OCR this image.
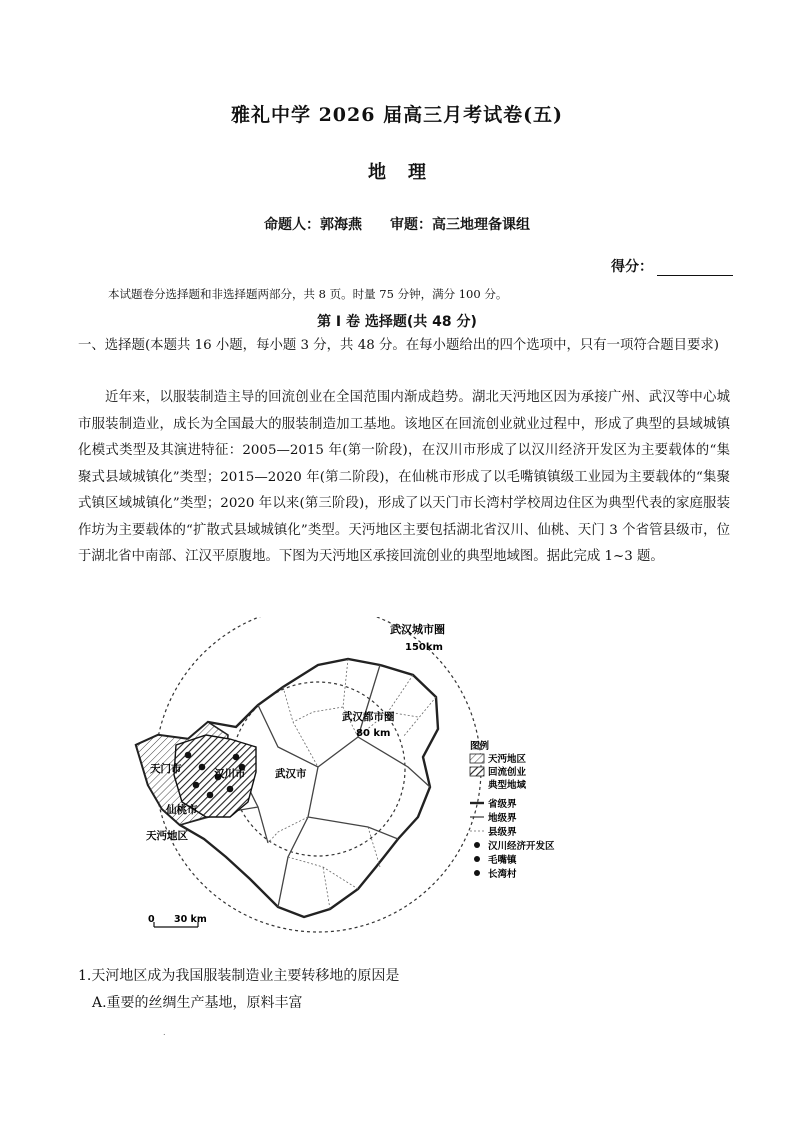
雅礼中学 2026 届高三月考试卷(五)
地理
命题人：郭海燕 审题：高三地理备课组
得分：
本试题卷分选择题和非选择题两部分，共 8 页。时量 75 分钟，满分 100 分。
第 I 卷 选择题(共 48 分)
一、选择题(本题共 16 小题，每小题 3 分，共 48 分。在每小题给出的四个选项中，只有一项符合题目要求)
近年来，以服装制造主导的回流创业在全国范围内渐成趋势。湖北天沔地区因为承接广州、武汉等中心城市服装制造业，成长为全国最大的服装制造加工基地。该地区在回流创业就业过程中，形成了典型的县域城镇化模式类型及其演进特征：2005—2015 年(第一阶段)，在汉川市形成了以汉川经济开发区为主要载体的“集聚式县域城镇化”类型；2015—2020 年(第二阶段)，在仙桃市形成了以毛嘴镇镇级工业园为主要载体的“集聚式镇区域城镇化”类型；2020 年以来(第三阶段)，形成了以天门市长湾村学校周边住区为典型代表的家庭服装作坊为主要载体的“扩散式县域城镇化”类型。天沔地区主要包括湖北省汉川、仙桃、天门 3 个省管县级市，位于湖北省中南部、江汉平原腹地。下图为天沔地区承接回流创业的典型地域图。据此完成 1~3 题。
武汉城市圈
150km
武汉都市圈
80 km
武汉市
天门市	汉川市
仙桃市
天沔地区
0 30 km
图例
天沔地区
回流创业
典型地域
省级界
地级界
县级界
汉川经济开发区
毛嘴镇
长湾村
1.天河地区成为我国服装制造业主要转移地的原因是
A.重要的丝绸生产基地，原料丰富
.
